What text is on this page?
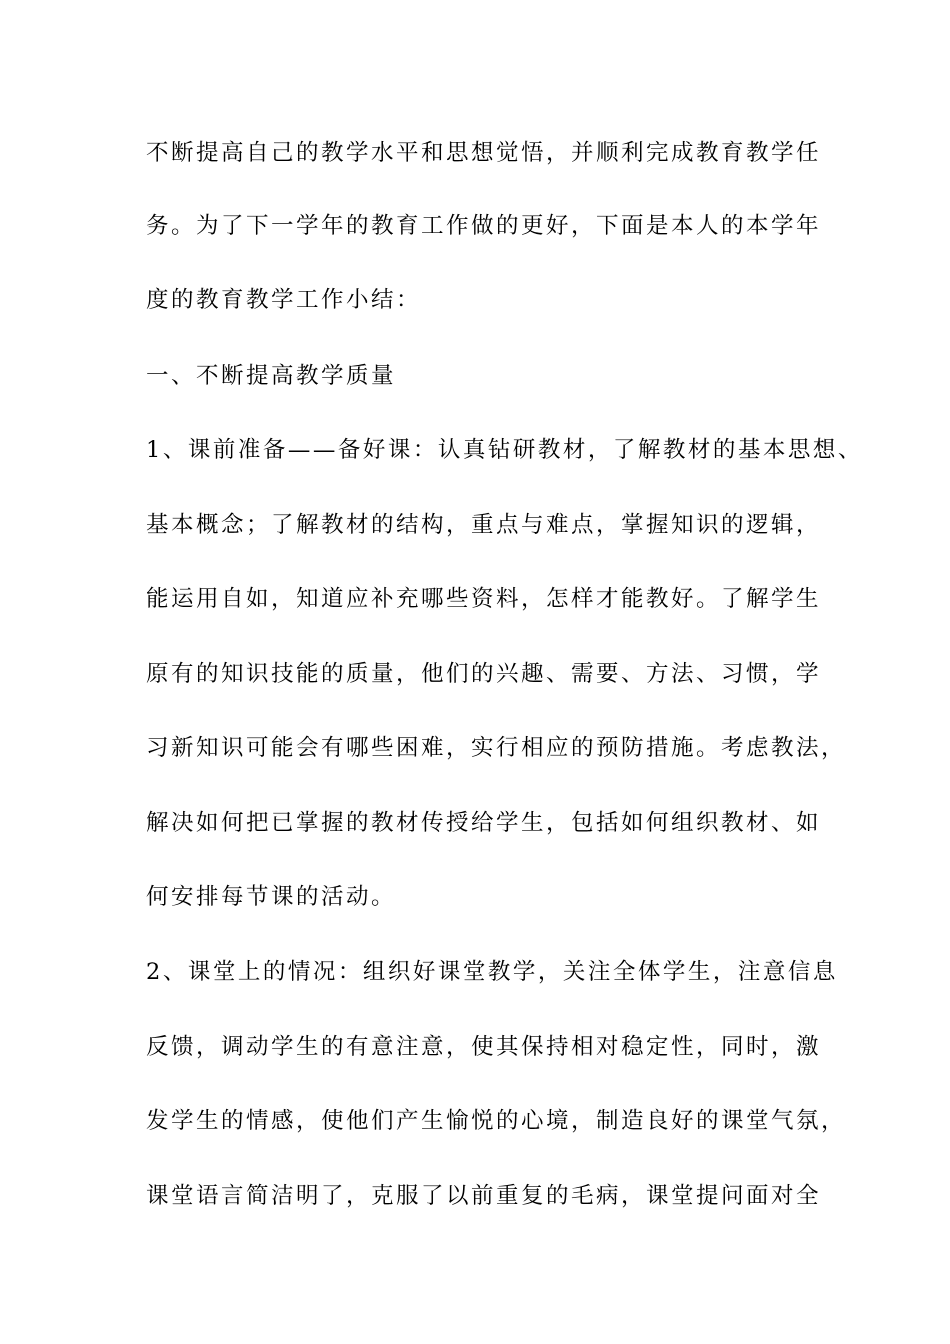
不断提高自己的教学水平和思想觉悟，并顺利完成教育教学任
务。为了下一学年的教育工作做的更好，下面是本人的本学年
度的教育教学工作小结：
一、不断提高教学质量
1、课前准备——备好课：认真钻研教材，了解教材的基本思想、
基本概念；了解教材的结构，重点与难点，掌握知识的逻辑，
能运用自如，知道应补充哪些资料，怎样才能教好。了解学生
原有的知识技能的质量，他们的兴趣、需要、方法、习惯，学
习新知识可能会有哪些困难，实行相应的预防措施。考虑教法，
解决如何把已掌握的教材传授给学生，包括如何组织教材、如
何安排每节课的活动。
2、课堂上的情况：组织好课堂教学，关注全体学生，注意信息
反馈，调动学生的有意注意，使其保持相对稳定性，同时，激
发学生的情感，使他们产生愉悦的心境，制造良好的课堂气氛，
课堂语言简洁明了，克服了以前重复的毛病，课堂提问面对全
